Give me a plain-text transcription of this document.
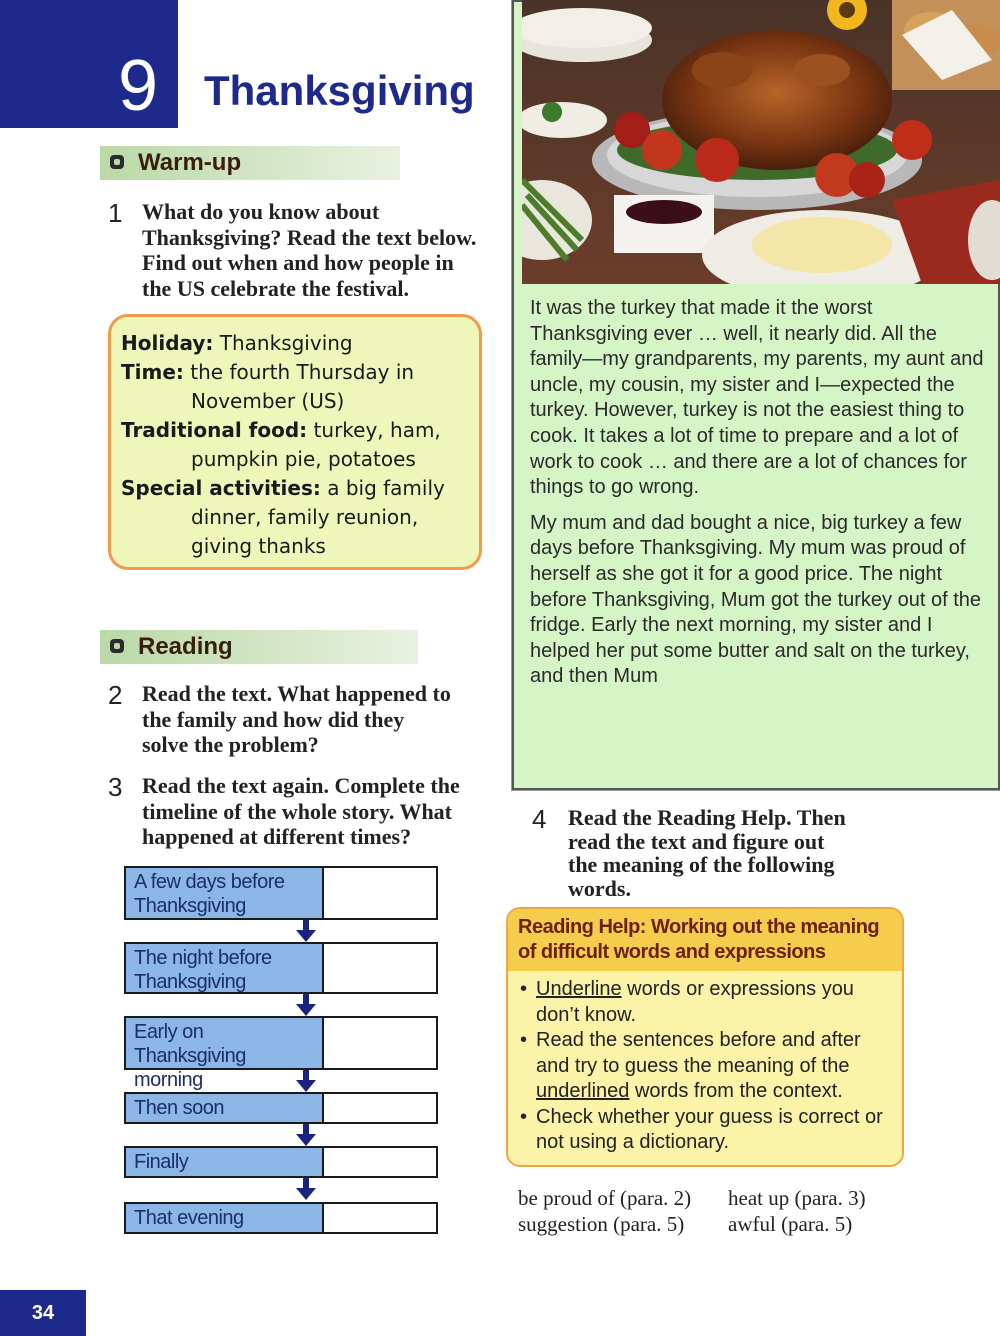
9	Thanksgiving
Warm-up
1 What do you know about
Thanksgiving? Read the text below.
Find out when and how people in
the US celebrate the festival.
Holiday: Thanksgiving
Time: the fourth Thursday in
November (US)
Traditional food: turkey, ham,
pumpkin pie, potatoes
Special activities: a big family
dinner, family reunion,
giving thanks
Reading
2 Read the text. What happened to
the family and how did they
solve the problem?
3 Read the text again. Complete the
timeline of the whole story. What
happened at different times?
A few days before
Thanksgiving
The night before
Thanksgiving
Early on Thanksgiving
morning
Then soon
Finally
That evening

It was the turkey that made it the worst Thanksgiving ever … well, it nearly did. All the family—my grandparents, my parents, my aunt and uncle, my cousin, my sister and I—expected the turkey. However, turkey is not the easiest thing to cook. It takes a lot of time to prepare and a lot of work to cook … and there are a lot of chances for things to go wrong.

My mum and dad bought a nice, big turkey a few days before Thanksgiving. My mum was proud of herself as she got it for a good price. The night before Thanksgiving, Mum got the turkey out of the fridge. Early the next morning, my sister and I helped her put some butter and salt on the turkey, and then Mum

4 Read the Reading Help. Then
read the text and figure out
the meaning of the following
words.
Reading Help: Working out the meaning
of difficult words and expressions
• Underline words or expressions you don’t know.
• Read the sentences before and after and try to guess the meaning of the underlined words from the context.
• Check whether your guess is correct or not using a dictionary.
be proud of (para. 2) heat up (para. 3)
suggestion (para. 5) awful (para. 5)
34
